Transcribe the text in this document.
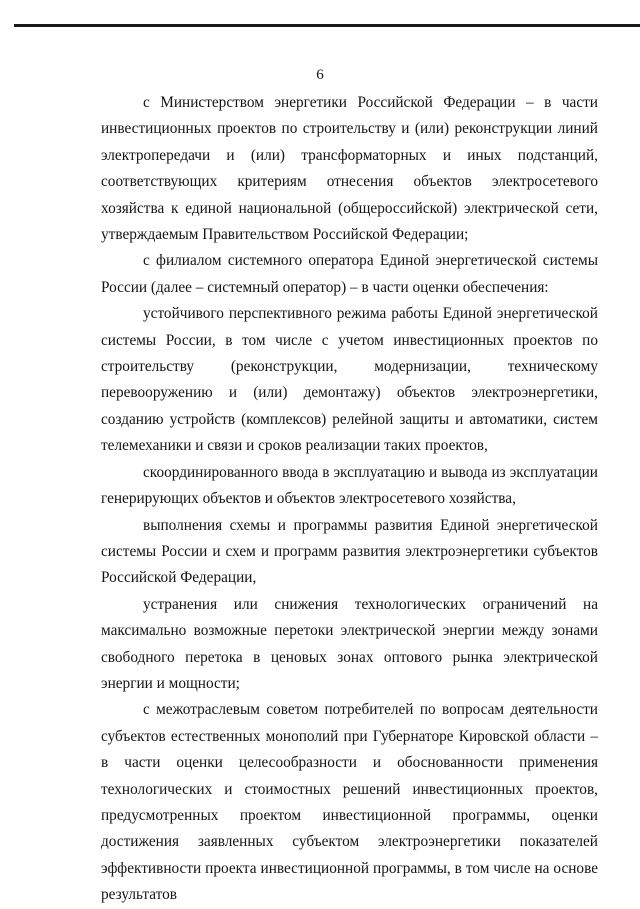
6

с Министерством энергетики Российской Федерации – в части инвестиционных проектов по строительству и (или) реконструкции линий электропередачи и (или) трансформаторных и иных подстанций, соответствующих критериям отнесения объектов электросетевого хозяйства к единой национальной (общероссийской) электрической сети, утверждаемым Правительством Российской Федерации;

с филиалом системного оператора Единой энергетической системы России (далее – системный оператор) – в части оценки обеспечения:

устойчивого перспективного режима работы Единой энергетической системы России, в том числе с учетом инвестиционных проектов по строительству (реконструкции, модернизации, техническому перевооружению и (или) демонтажу) объектов электроэнергетики, созданию устройств (комплексов) релейной защиты и автоматики, систем телемеханики и связи и сроков реализации таких проектов,

скоординированного ввода в эксплуатацию и вывода из эксплуатации генерирующих объектов и объектов электросетевого хозяйства,

выполнения схемы и программы развития Единой энергетической системы России и схем и программ развития электроэнергетики субъектов Российской Федерации,

устранения или снижения технологических ограничений на максимально возможные перетоки электрической энергии между зонами свободного перетока в ценовых зонах оптового рынка электрической энергии и мощности;

с межотраслевым советом потребителей по вопросам деятельности субъектов естественных монополий при Губернаторе Кировской области – в части оценки целесообразности и обоснованности применения технологических и стоимостных решений инвестиционных проектов, предусмотренных проектом инвестиционной программы, оценки достижения заявленных субъектом электроэнергетики показателей эффективности проекта инвестиционной программы, в том числе на основе результатов
